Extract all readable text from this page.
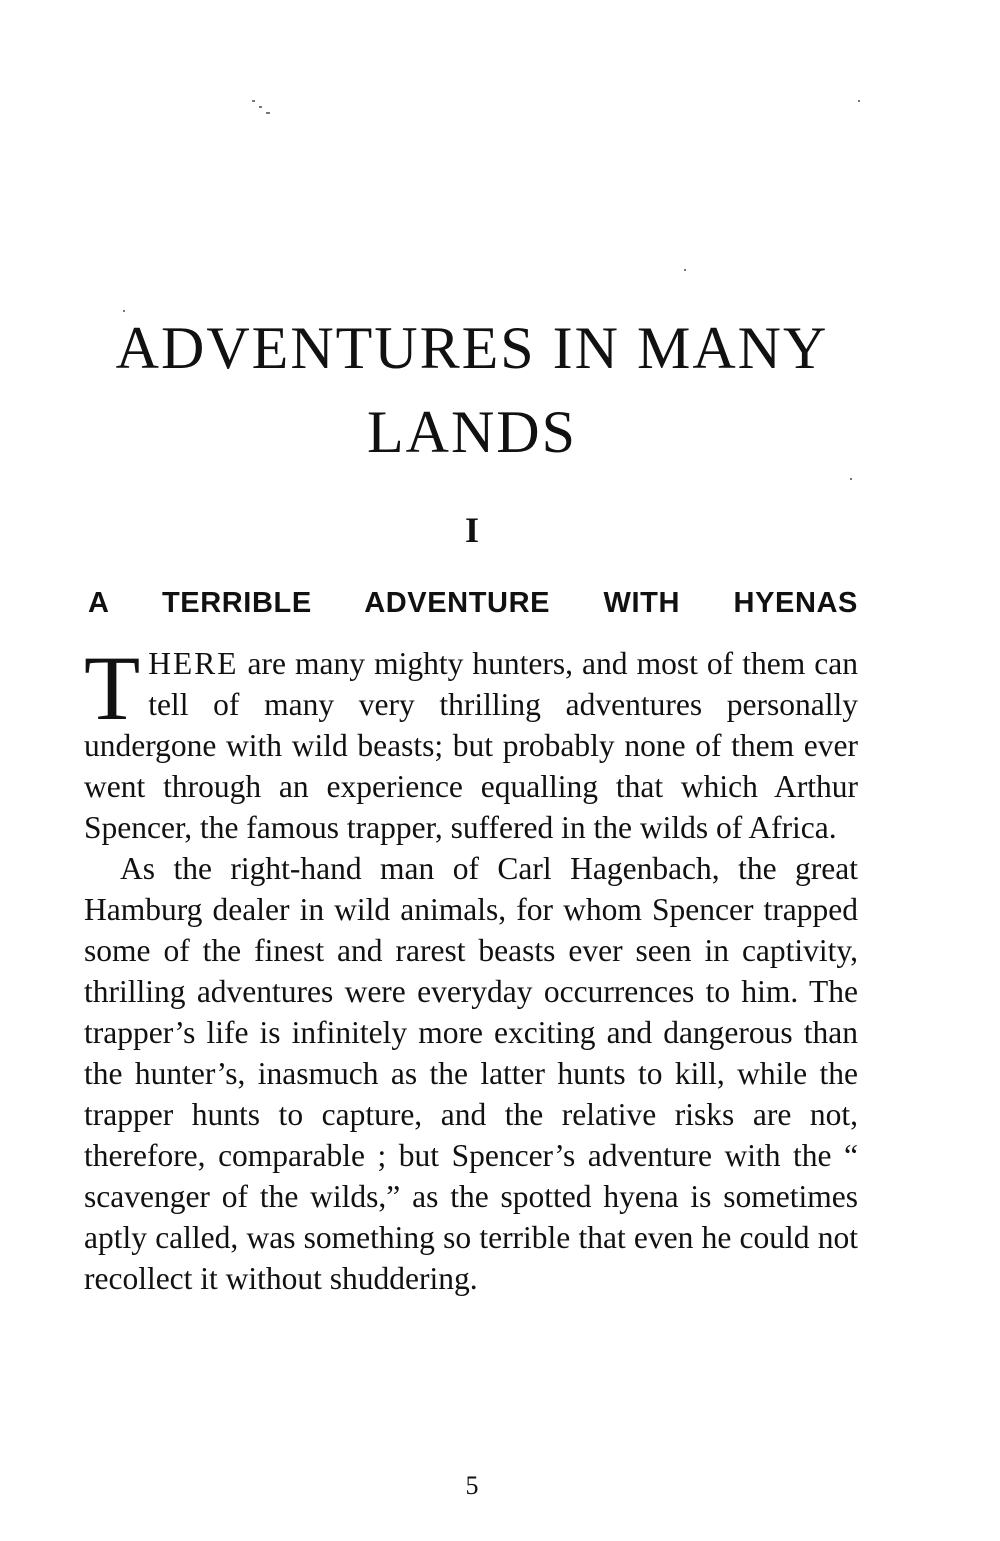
ADVENTURES IN MANY
LANDS
I
A TERRIBLE ADVENTURE WITH HYENAS

THERE are many mighty hunters, and most of them can tell of many very thrilling adventures personally undergone with wild beasts; but probably none of them ever went through an experience equalling that which Arthur Spencer, the famous trapper, suffered in the wilds of Africa.

As the right-hand man of Carl Hagenbach, the great Hamburg dealer in wild animals, for whom Spencer trapped some of the finest and rarest beasts ever seen in captivity, thrilling adventures were everyday occurrences to him. The trapper’s life is infinitely more exciting and dangerous than the hunter’s, inasmuch as the latter hunts to kill, while the trapper hunts to capture, and the relative risks are not, therefore, comparable ; but Spencer’s adventure with the “ scavenger of the wilds,” as the spotted hyena is sometimes aptly called, was something so terrible that even he could not recollect it without shuddering.

5
